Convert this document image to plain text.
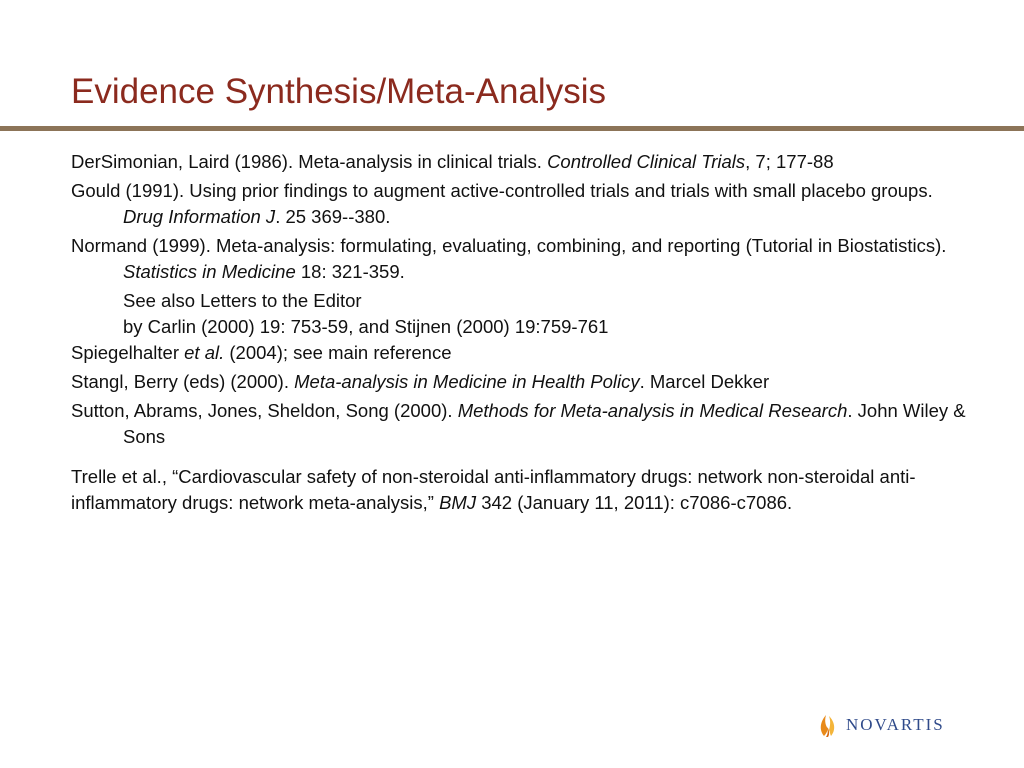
Evidence Synthesis/Meta-Analysis
DerSimonian, Laird (1986). Meta-analysis in clinical trials. Controlled Clinical Trials, 7; 177-88
Gould (1991). Using prior findings to augment active-controlled trials and trials with small placebo groups. Drug Information J. 25 369--380.
Normand (1999). Meta-analysis: formulating, evaluating, combining, and reporting (Tutorial in Biostatistics). Statistics in Medicine 18: 321-359.
See also Letters to the Editor
by Carlin (2000) 19: 753-59, and Stijnen (2000) 19:759-761
Spiegelhalter et al. (2004); see main reference
Stangl, Berry (eds) (2000). Meta-analysis in Medicine in Health Policy. Marcel Dekker
Sutton, Abrams, Jones, Sheldon, Song (2000). Methods for Meta-analysis in Medical Research. John Wiley & Sons
Trelle et al., “Cardiovascular safety of non-steroidal anti-inflammatory drugs: network non-steroidal anti-inflammatory drugs: network meta-analysis,” BMJ 342 (January 11, 2011): c7086-c7086.
NOVARTIS
